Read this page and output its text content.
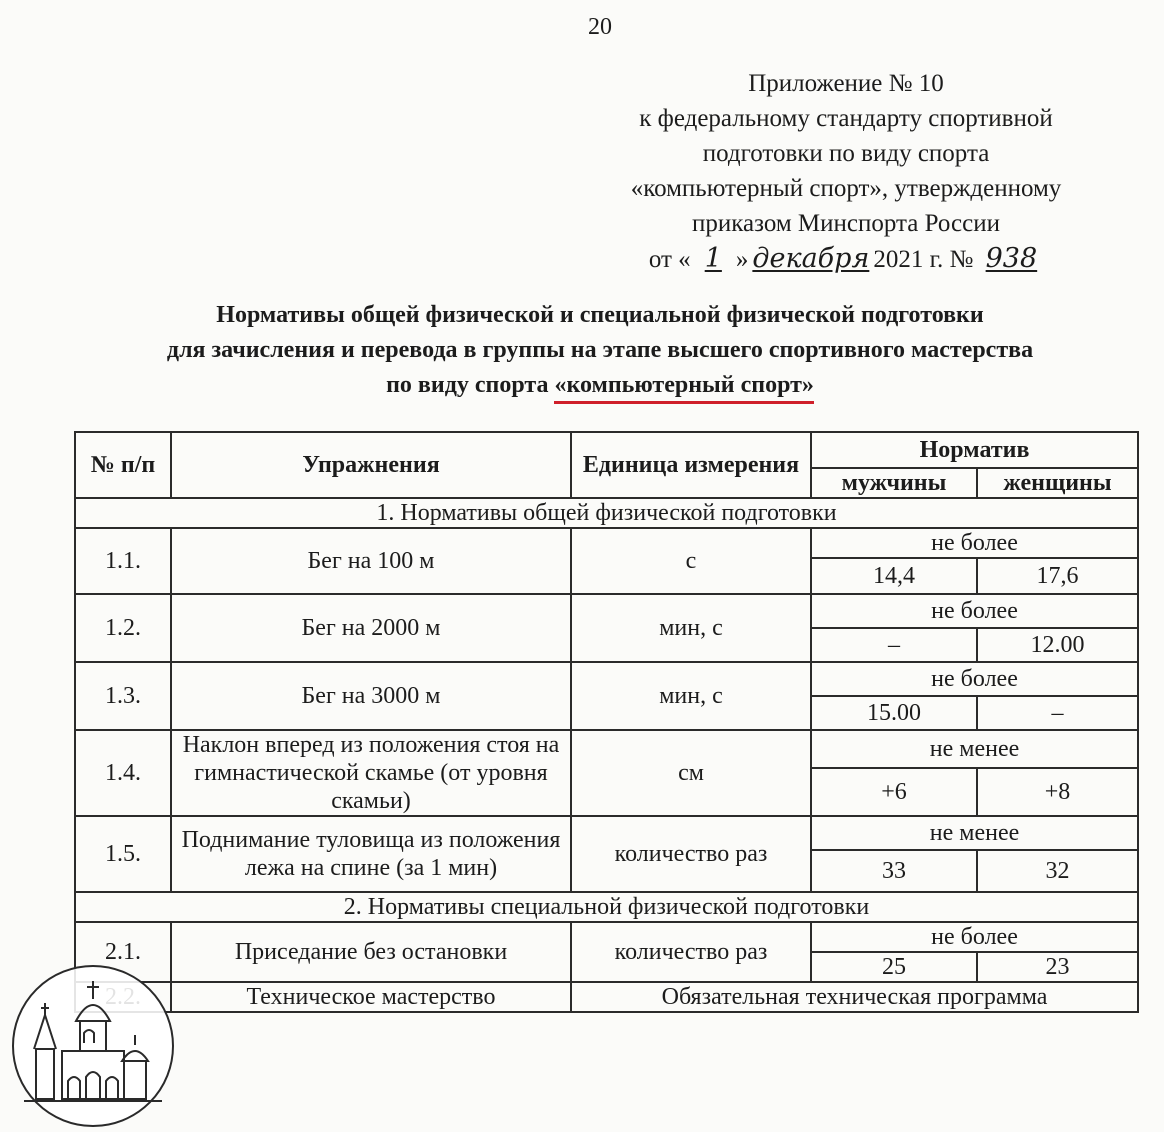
20
Приложение № 10
к федеральному стандарту спортивной
подготовки по виду спорта
«компьютерный спорт», утвержденному
приказом Минспорта России
от « 1 » декабря 2021 г. № 938
Нормативы общей физической и специальной физической подготовки
для зачисления и перевода в группы на этапе высшего спортивного мастерства
по виду спорта «компьютерный спорт»
№ п/п	Упражнения	Единица измерения	Норматив	
			мужчины	женщины
1. Нормативы общей физической подготовки				
1.1.	Бег на 100 м	с	не более	
			14,4	17,6
1.2.	Бег на 2000 м	мин, с	не более	
			–	12.00
1.3.	Бег на 3000 м	мин, с	не более	
			15.00	–
1.4.	Наклон вперед из положения стоя на гимнастической скамье (от уровня скамьи)	см	не менее	
			+6	+8
1.5.	Поднимание туловища из положения лежа на спине (за 1 мин)	количество раз	не менее	
			33	32
2. Нормативы специальной физической подготовки				
2.1.	Приседание без остановки	количество раз	не более	
			25	23
	Техническое мастерство	Обязательная техническая программа		
